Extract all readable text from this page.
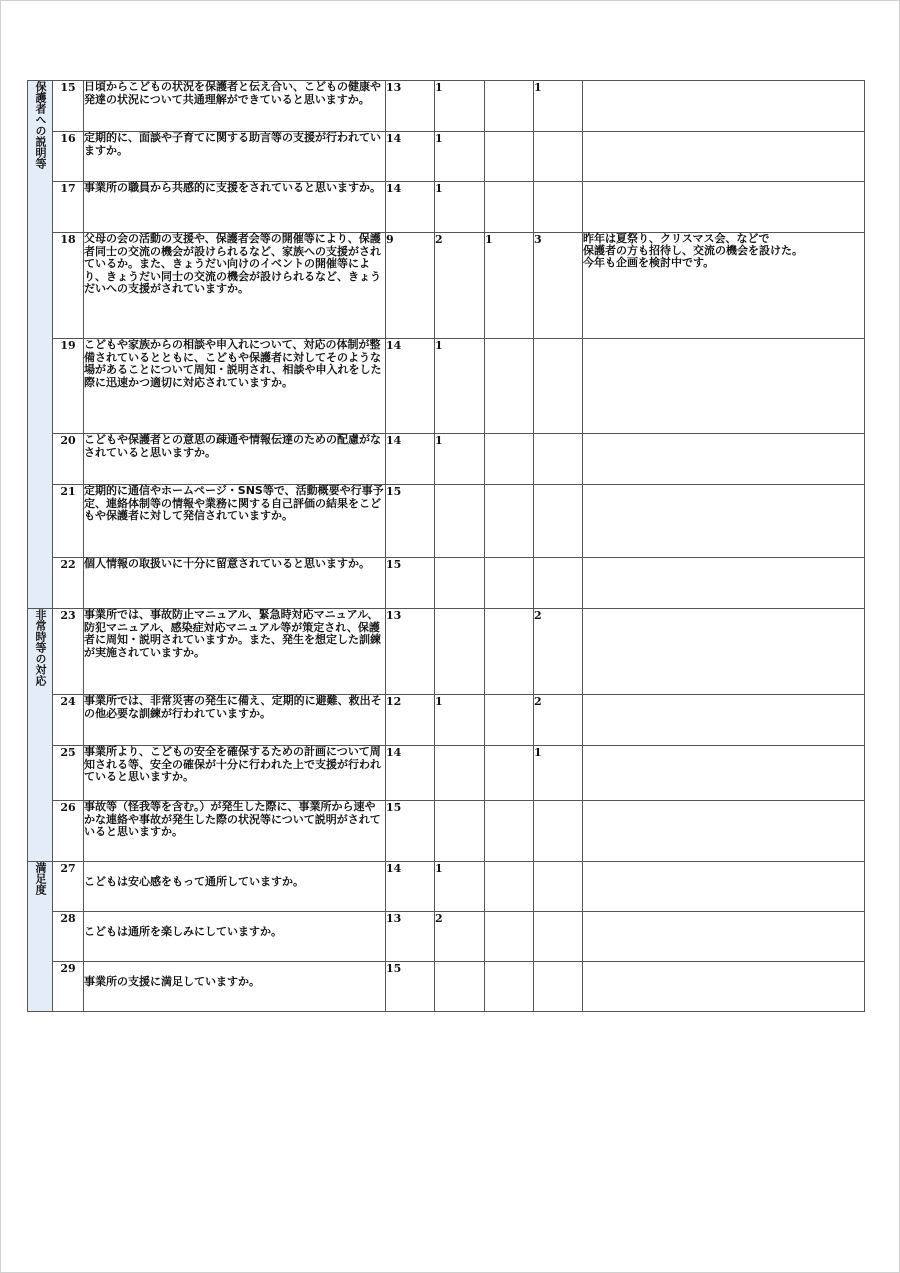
保護者への説明等	15	日頃からこどもの状況を保護者と伝え合い、こどもの健康や発達の状況について共通理解ができていると思いますか。	13	1		1	
	16	定期的に、面談や子育てに関する助言等の支援が行われていますか。	14	1			
	17	事業所の職員から共感的に支援をされていると思いますか。	14	1			
	18	父母の会の活動の支援や、保護者会等の開催等により、保護者同士の交流の機会が設けられるなど、家族への支援がされているか。また、きょうだい向けのイベントの開催等により、きょうだい同士の交流の機会が設けられるなど、きょうだいへの支援がされていますか。	9	2	1	3	昨年は夏祭り、クリスマス会、などで
保護者の方も招待し、交流の機会を設けた。
今年も企画を検討中です。

	19	こどもや家族からの相談や申入れについて、対応の体制が整備されているとともに、こどもや保護者に対してそのような場があることについて周知・説明され、相談や申入れをした際に迅速かつ適切に対応されていますか。	14	1			
	20	こどもや保護者との意思の疎通や情報伝達のための配慮がなされていると思いますか。	14	1			
	21	定期的に通信やホームページ・SNS等で、活動概要や行事予定、連絡体制等の情報や業務に関する自己評価の結果をこどもや保護者に対して発信されていますか。	15				
	22	個人情報の取扱いに十分に留意されていると思いますか。	15				
非常時等の対応	23	事業所では、事故防止マニュアル、緊急時対応マニュアル、防犯マニュアル、感染症対応マニュアル等が策定され、保護者に周知・説明されていますか。また、発生を想定した訓練が実施されていますか。	13			2	
	24	事業所では、非常災害の発生に備え、定期的に避難、救出その他必要な訓練が行われていますか。	12	1		2	
	25	事業所より、こどもの安全を確保するための計画について周知される等、安全の確保が十分に行われた上で支援が行われていると思いますか。	14			1	
	26	事故等（怪我等を含む。）が発生した際に、事業所から速やかな連絡や事故が発生した際の状況等について説明がされていると思いますか。	15				
満足度	27	こどもは安心感をもって通所していますか。	14	1			
	28	こどもは通所を楽しみにしていますか。	13	2			
	29	事業所の支援に満足していますか。	15				
